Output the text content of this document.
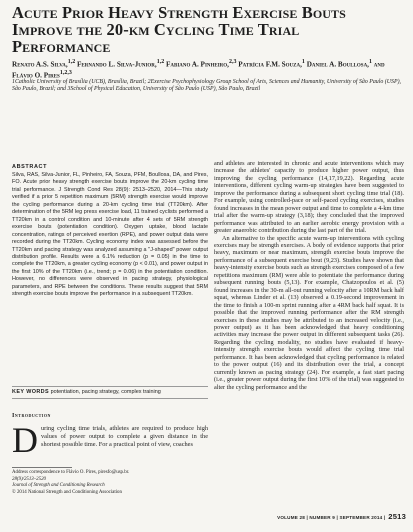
Acute Prior Heavy Strength Exercise Bouts Improve the 20-km Cycling Time Trial Performance
Renato A.S. Silva,$^{1,2}$ Fernando L. Silva-Junior,$^{1,2}$ Fabiano A. Pinheiro,$^{2,3}$ Patrícia F.M. Souza,$^1$ Daniel A. Boullosa,$^1$ and Flávio O. Pires$^{1,2,3}$
1Catholic University of Brasília (UCB), Brasília, Brazil; 2Exercise Psychophysiology Group School of Arts, Sciences and Humanity, University of São Paulo (USP), São Paulo, Brazil; and 3School of Physical Education, University of São Paulo (USP), São Paulo, Brazil
ABSTRACT

Silva, RAS, Silva-Junior, FL, Pinheiro, FA, Souza, PFM, Boullosa, DA, and Pires, FO. Acute prior heavy strength exercise bouts improve the 20-km cycling time trial performance. J Strength Cond Res 28(9): 2513–2520, 2014—This study verified if a prior 5 repetition maximum (5RM) strength exercise would improve the cycling performance during a 20-km cycling time trial (TT20km). After determination of the 5RM leg press exercise load, 11 trained cyclists performed a TT20km in a control condition and 10-minute after 4 sets of 5RM strength exercise bouts (potentiation condition). Oxygen uptake, blood lactate concentration, ratings of perceived exertion (RPE), and power output data were recorded during the TT20km. Cycling economy index was assessed before the TT20km and pacing strategy was analyzed assuming a "J-shaped" power output distribution profile. Results were a 6.1% reduction (p = 0.05) in the time to complete the TT20km, a greater cycling economy (p < 0.01), and power output in the first 10% of the TT20km (i.e., trend; p = 0.06) in the potentiation condition. However, no differences were observed in pacing strategy, physiological parameters, and RPE between the conditions. These results suggest that 5RM strength exercise bouts improve the performance in a subsequent TT20km.

KEY WORDS potentiation, pacing strategy, complex training
Introduction
During cycling time trials, athletes are required to produce high values of power output to complete a given distance in the shortest possible time. For a practical point of view, coaches
Address correspondence to Flávio O. Pires, piresfo@usp.br.
28(9)/2513–2520
Journal of Strength and Conditioning Research
© 2014 National Strength and Conditioning Association

and athletes are interested in chronic and acute interventions which may increase the athletes' capacity to produce higher power output, thus improving the cycling performance (14,17,19,22). Regarding acute interventions, different cycling warm-up strategies have been suggested to improve the performance during a subsequent short cycling time trial (18). For example, using controlled-pace or self-paced cycling exercises, studies found increases in the mean power output and time to complete a 4-km time trial after the warm-up strategy (3,18); they concluded that the improved performance was attributed to an earlier aerobic energy provision with a greater anaerobic contribution during the last part of the trial.

An alternative to the specific acute warm-up interventions with cycling exercises may be strength exercises. A body of evidence supports that prior heavy, maximum or near maximum, strength exercise bouts improve the performance of a subsequent exercise bout (9,23). Studies have shown that heavy-intensity exercise bouts such as strength exercises composed of a few repetitions maximum (RM) were able to potentiate the performance during subsequent running bouts (5,13). For example, Chatzopoulos et al. (5) found increases in the 30-m all-out running velocity after a 10RM back half squat, whereas Linder et al. (13) observed a 0.19-second improvement in the time to finish a 100-m sprint running after a 4RM back half squat. It is possible that the improved running performance after the RM strength exercises in these studies may be attributed to an increased velocity (i.e., power output) as it has been acknowledged that heavy conditioning activities may increase the power output in different subsequent tasks (26). Regarding the cycling modality, no studies have evaluated if heavy-intensity strength exercise bouts would affect the cycling time trial performance. It has been acknowledged that cycling performance is related to the power output (16) and its distribution over the trial, a concept currently known as pacing strategy (24). For example, a fast start pacing (i.e., greater power output during the first 10% of the trial) was suggested to alter the cycling performance and the

VOLUME 28 | NUMBER 9 | SEPTEMBER 2014 | 2513
